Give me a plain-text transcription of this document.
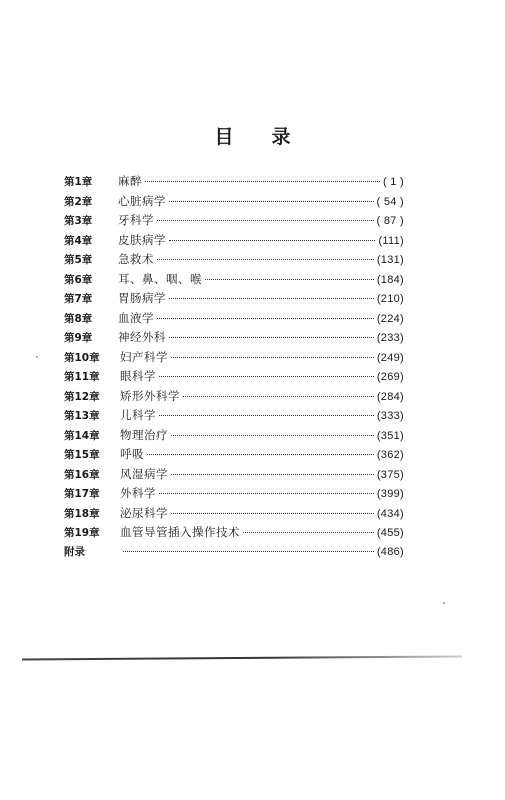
目 录
第1章	麻醉	( 1 )
第2章	心脏病学	( 54 )
第3章	牙科学	( 87 )
第4章	皮肤病学	(111)
第5章	急救术	(131)
第6章	耳、鼻、咽、喉	(184)
第7章	胃肠病学	(210)
第8章	血液学	(224)
第9章	神经外科	(233)
第10章	妇产科学	(249)
第11章	眼科学	(269)
第12章	矫形外科学	(284)
第13章	儿科学	(333)
第14章	物理治疗	(351)
第15章	呼吸	(362)
第16章	风湿病学	(375)
第17章	外科学	(399)
第18章	泌尿科学	(434)
第19章	血管导管插入操作技术	(455)
附录	(486)
